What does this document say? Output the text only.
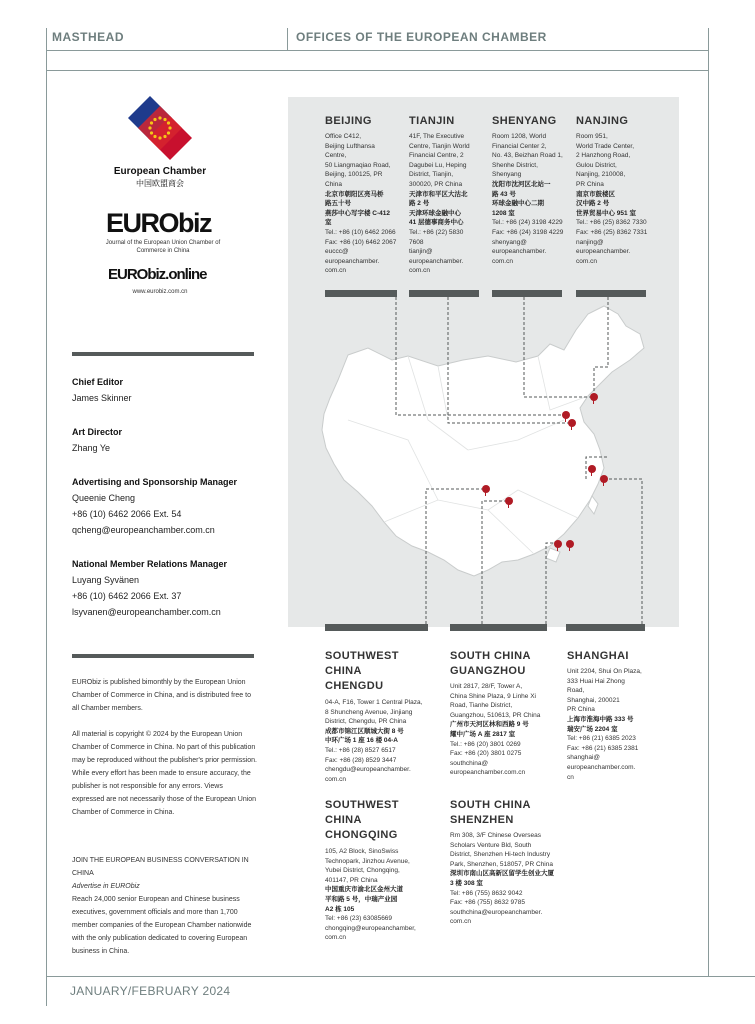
MASTHEAD	OFFICES OF THE EUROPEAN CHAMBER
JANUARY/FEBRUARY 2024
European Chamber
中国欧盟商会
EURObiz
Journal of the European Union Chamber of Commerce in China
EURObiz.online
www.eurobiz.com.cn
Chief Editor
James Skinner
Art Director
Zhang Ye
Advertising and Sponsorship Manager
Queenie Cheng
+86 (10) 6462 2066 Ext. 54
qcheng@europeanchamber.com.cn
National Member Relations Manager
Luyang Syvänen
+86 (10) 6462 2066 Ext. 37
lsyvanen@europeanchamber.com.cn
EURObiz is published bimonthly by the European Union Chamber of Commerce in China, and is distributed free to all Chamber members.
All material is copyright © 2024 by the European Union Chamber of Commerce in China. No part of this publication may be reproduced without the publisher's prior permission. While every effort has been made to ensure accuracy, the publisher is not responsible for any errors. Views expressed are not necessarily those of the European Union Chamber of Commerce in China.
JOIN THE EUROPEAN BUSINESS CONVERSATION IN CHINA
Advertise in EURObiz
Reach 24,000 senior European and Chinese business executives, government officials and more than 1,700 member companies of the European Chamber nationwide with the only publication dedicated to covering European business in China.
BEIJING
Office C412,
Beijing Lufthansa
Centre,
50 Liangmaqiao Road,
Beijing, 100125, PR
China
北京市朝阳区亮马桥
路五十号
燕莎中心写字楼 C-412
室
Tel.: +86 (10) 6462 2066
Fax: +86 (10) 6462 2067
euccc@
europeanchamber.
com.cn
TIANJIN
41F, The Executive
Centre, Tianjin World
Financial Centre, 2
Dagubei Lu, Heping
District, Tianjin,
300020, PR China
天津市和平区大沽北
路 2 号
天津环球金融中心
41 层德事商务中心
Tel.: +86 (22) 5830
7608
tianjin@
europeanchamber.
com.cn
SHENYANG
Room 1208, World
Financial Center 2,
No. 43, Beizhan Road 1,
Shenhe District,
Shenyang
沈阳市沈河区北站一
路 43 号
环球金融中心二期
1208 室
Tel.: +86 (24) 3198 4229
Fax: +86 (24) 3198 4229
shenyang@
europeanchamber.
com.cn
NANJING
Room 951,
World Trade Center,
2 Hanzhong Road,
Gulou District,
Nanjing, 210008,
PR China
南京市鼓楼区
汉中路 2 号
世界贸易中心 951 室
Tel.: +86 (25) 8362 7330
Fax: +86 (25) 8362 7331
nanjing@
europeanchamber.
com.cn
SOUTHWEST
CHINA
CHENGDU
04-A, F16, Tower 1 Central Plaza,
8 Shuncheng Avenue, Jinjiang
District, Chengdu, PR China
成都市锦江区顺城大街 8 号
中环广场 1 座 16 楼 04-A
Tel.: +86 (28) 8527 6517
Fax: +86 (28) 8529 3447
chengdu@europeanchamber.
com.cn
SOUTH CHINA
GUANGZHOU
Unit 2817, 28/F, Tower A,
China Shine Plaza, 9 Linhe Xi
Road, Tianhe District,
Guangzhou, 510613, PR China
广州市天河区林和西路 9 号
耀中广场 A 座 2817 室
Tel.: +86 (20) 3801 0269
Fax: +86 (20) 3801 0275
southchina@
europeanchamber.com.cn
SHANGHAI
Unit 2204, Shui On Plaza,
333 Huai Hai Zhong
Road,
Shanghai, 200021
PR China
上海市淮海中路 333 号
瑞安广场 2204 室
Tel: +86 (21) 6385 2023
Fax: +86 (21) 6385 2381
shanghai@
europeanchamber.com.
cn
SOUTHWEST
CHINA
CHONGQING
105, A2 Block, SinoSwiss
Technopark, Jinzhou Avenue,
Yubei District, Chongqing,
401147, PR China
中国重庆市渝北区金州大道
平和路 5 号，中瑞产业园
A2 栋 105
Tel: +86 (23) 63085669
chongqing@europeanchamber,
com.cn
SOUTH CHINA
SHENZHEN
Rm 308, 3/F Chinese Overseas
Scholars Venture Bld, South
District, Shenzhen Hi-tech Industry
Park, Shenzhen, 518057, PR China
深圳市南山区高新区留学生创业大厦
3 楼 308 室
Tel: +86 (755) 8632 9042
Fax: +86 (755) 8632 9785
southchina@europeanchamber.
com.cn
